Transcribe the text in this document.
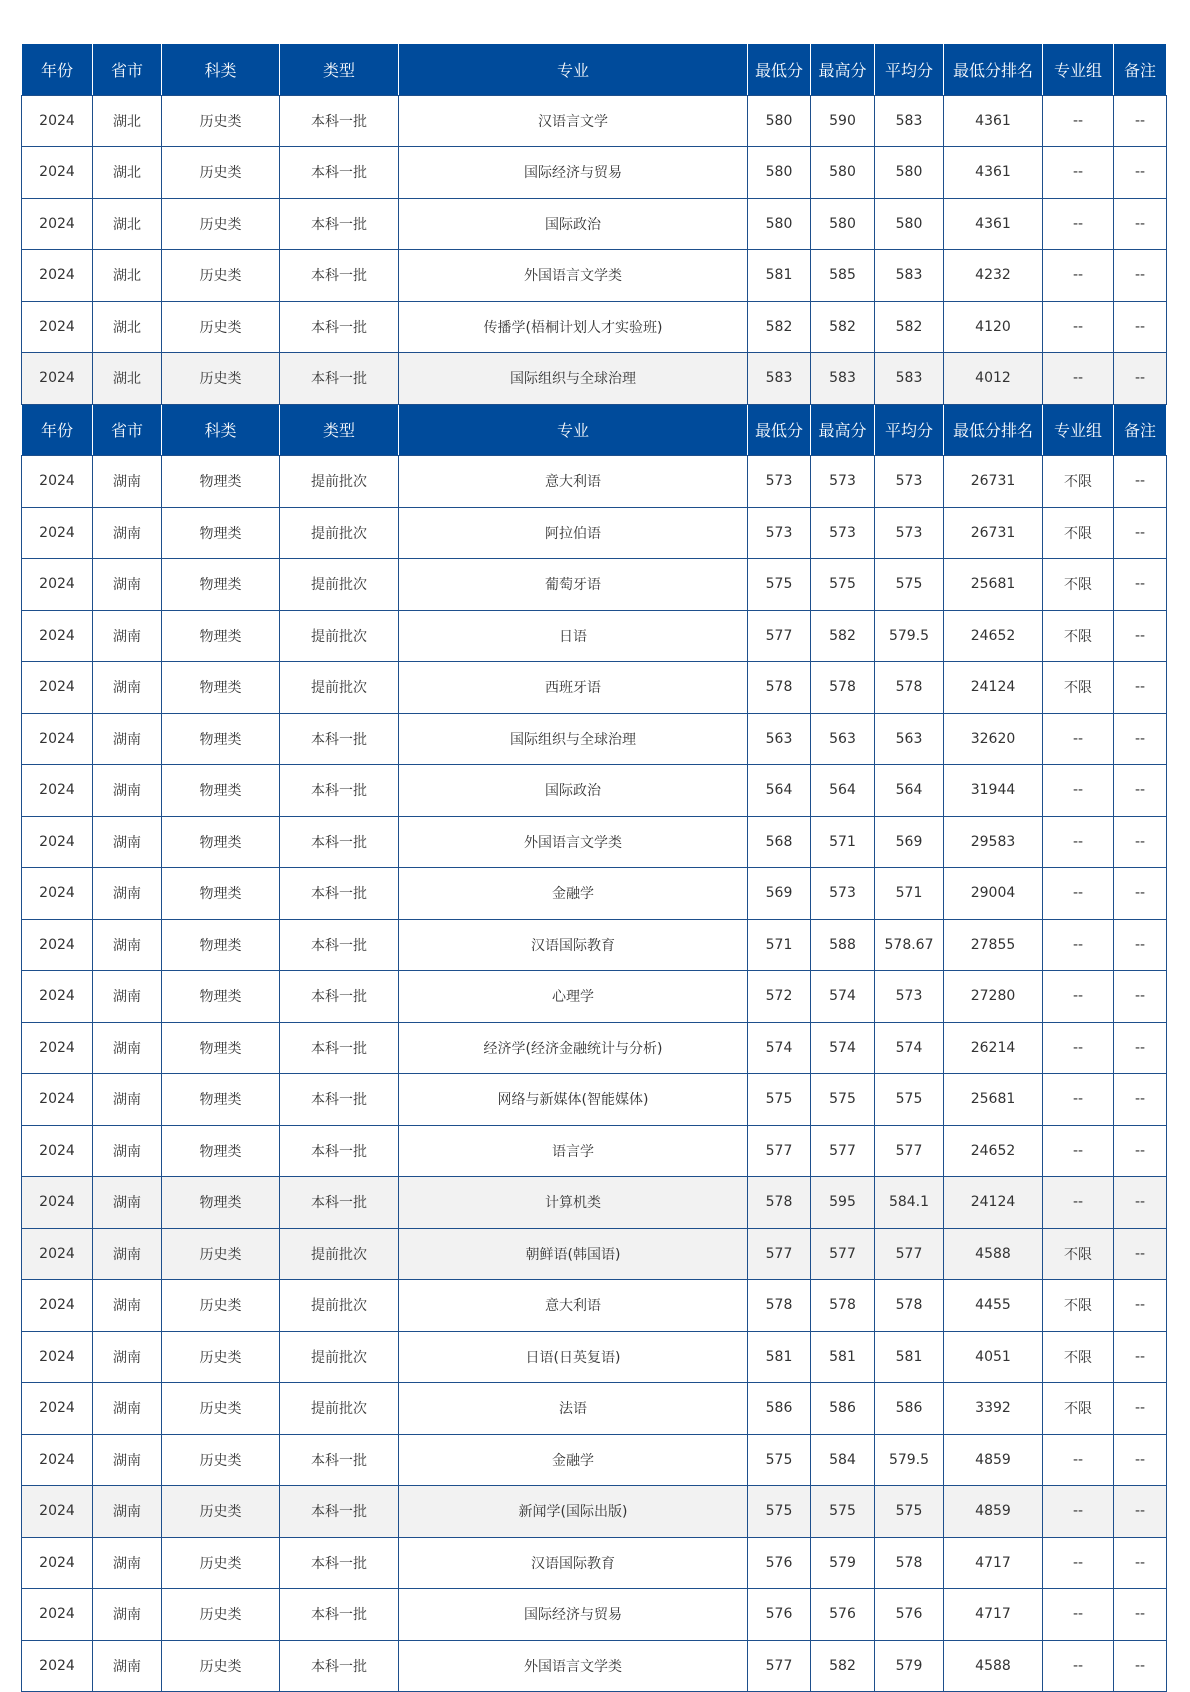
年份	省市	科类	类型	专业	最低分	最高分	平均分	最低分排名	专业组	备注
2024	湖北	历史类	本科一批	汉语言文学	580	590	583	4361	--	--
2024	湖北	历史类	本科一批	国际经济与贸易	580	580	580	4361	--	--
2024	湖北	历史类	本科一批	国际政治	580	580	580	4361	--	--
2024	湖北	历史类	本科一批	外国语言文学类	581	585	583	4232	--	--
2024	湖北	历史类	本科一批	传播学(梧桐计划人才实验班)	582	582	582	4120	--	--
2024	湖北	历史类	本科一批	国际组织与全球治理	583	583	583	4012	--	--
年份	省市	科类	类型	专业	最低分	最高分	平均分	最低分排名	专业组	备注
2024	湖南	物理类	提前批次	意大利语	573	573	573	26731	不限	--
2024	湖南	物理类	提前批次	阿拉伯语	573	573	573	26731	不限	--
2024	湖南	物理类	提前批次	葡萄牙语	575	575	575	25681	不限	--
2024	湖南	物理类	提前批次	日语	577	582	579.5	24652	不限	--
2024	湖南	物理类	提前批次	西班牙语	578	578	578	24124	不限	--
2024	湖南	物理类	本科一批	国际组织与全球治理	563	563	563	32620	--	--
2024	湖南	物理类	本科一批	国际政治	564	564	564	31944	--	--
2024	湖南	物理类	本科一批	外国语言文学类	568	571	569	29583	--	--
2024	湖南	物理类	本科一批	金融学	569	573	571	29004	--	--
2024	湖南	物理类	本科一批	汉语国际教育	571	588	578.67	27855	--	--
2024	湖南	物理类	本科一批	心理学	572	574	573	27280	--	--
2024	湖南	物理类	本科一批	经济学(经济金融统计与分析)	574	574	574	26214	--	--
2024	湖南	物理类	本科一批	网络与新媒体(智能媒体)	575	575	575	25681	--	--
2024	湖南	物理类	本科一批	语言学	577	577	577	24652	--	--
2024	湖南	物理类	本科一批	计算机类	578	595	584.1	24124	--	--
2024	湖南	历史类	提前批次	朝鲜语(韩国语)	577	577	577	4588	不限	--
2024	湖南	历史类	提前批次	意大利语	578	578	578	4455	不限	--
2024	湖南	历史类	提前批次	日语(日英复语)	581	581	581	4051	不限	--
2024	湖南	历史类	提前批次	法语	586	586	586	3392	不限	--
2024	湖南	历史类	本科一批	金融学	575	584	579.5	4859	--	--
2024	湖南	历史类	本科一批	新闻学(国际出版)	575	575	575	4859	--	--
2024	湖南	历史类	本科一批	汉语国际教育	576	579	578	4717	--	--
2024	湖南	历史类	本科一批	国际经济与贸易	576	576	576	4717	--	--
2024	湖南	历史类	本科一批	外国语言文学类	577	582	579	4588	--	--
